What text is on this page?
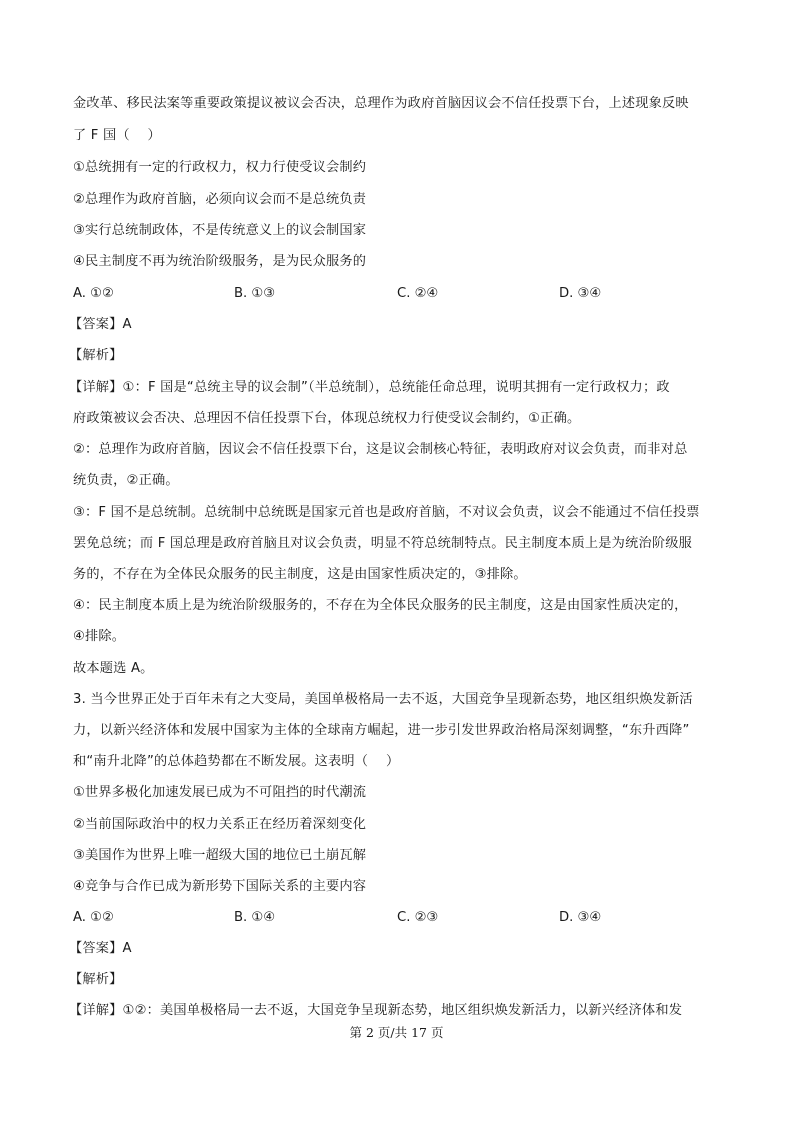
金改革、移民法案等重要政策提议被议会否决，总理作为政府首脑因议会不信任投票下台，上述现象反映
了 F 国（　 ）
①总统拥有一定的行政权力，权力行使受议会制约
②总理作为政府首脑，必须向议会而不是总统负责
③实行总统制政体，不是传统意义上的议会制国家
④民主制度不再为统治阶级服务，是为民众服务的
A. ①②	B. ①③	C. ②④	D. ③④
【答案】A
【解析】
【详解】①：F 国是“总统主导的议会制”（半总统制），总统能任命总理，说明其拥有一定行政权力；政
府政策被议会否决、总理因不信任投票下台，体现总统权力行使受议会制约，①正确。
②：总理作为政府首脑，因议会不信任投票下台，这是议会制核心特征，表明政府对议会负责，而非对总
统负责，②正确。
③：F 国不是总统制。总统制中总统既是国家元首也是政府首脑，不对议会负责，议会不能通过不信任投票
罢免总统；而 F 国总理是政府首脑且对议会负责，明显不符总统制特点。民主制度本质上是为统治阶级服
务的，不存在为全体民众服务的民主制度，这是由国家性质决定的，③排除。
④：民主制度本质上是为统治阶级服务的，不存在为全体民众服务的民主制度，这是由国家性质决定的，
④排除。
故本题选 A。
3. 当今世界正处于百年未有之大变局，美国单极格局一去不返，大国竞争呈现新态势，地区组织焕发新活
力，以新兴经济体和发展中国家为主体的全球南方崛起，进一步引发世界政治格局深刻调整，“东升西降”
和“南升北降”的总体趋势都在不断发展。这表明（　 ）
①世界多极化加速发展已成为不可阻挡的时代潮流
②当前国际政治中的权力关系正在经历着深刻变化
③美国作为世界上唯一超级大国的地位已土崩瓦解
④竞争与合作已成为新形势下国际关系的主要内容
A. ①②	B. ①④	C. ②③	D. ③④
【答案】A
【解析】
【详解】①②：美国单极格局一去不返，大国竞争呈现新态势，地区组织焕发新活力，以新兴经济体和发
第 2 页/共 17 页
